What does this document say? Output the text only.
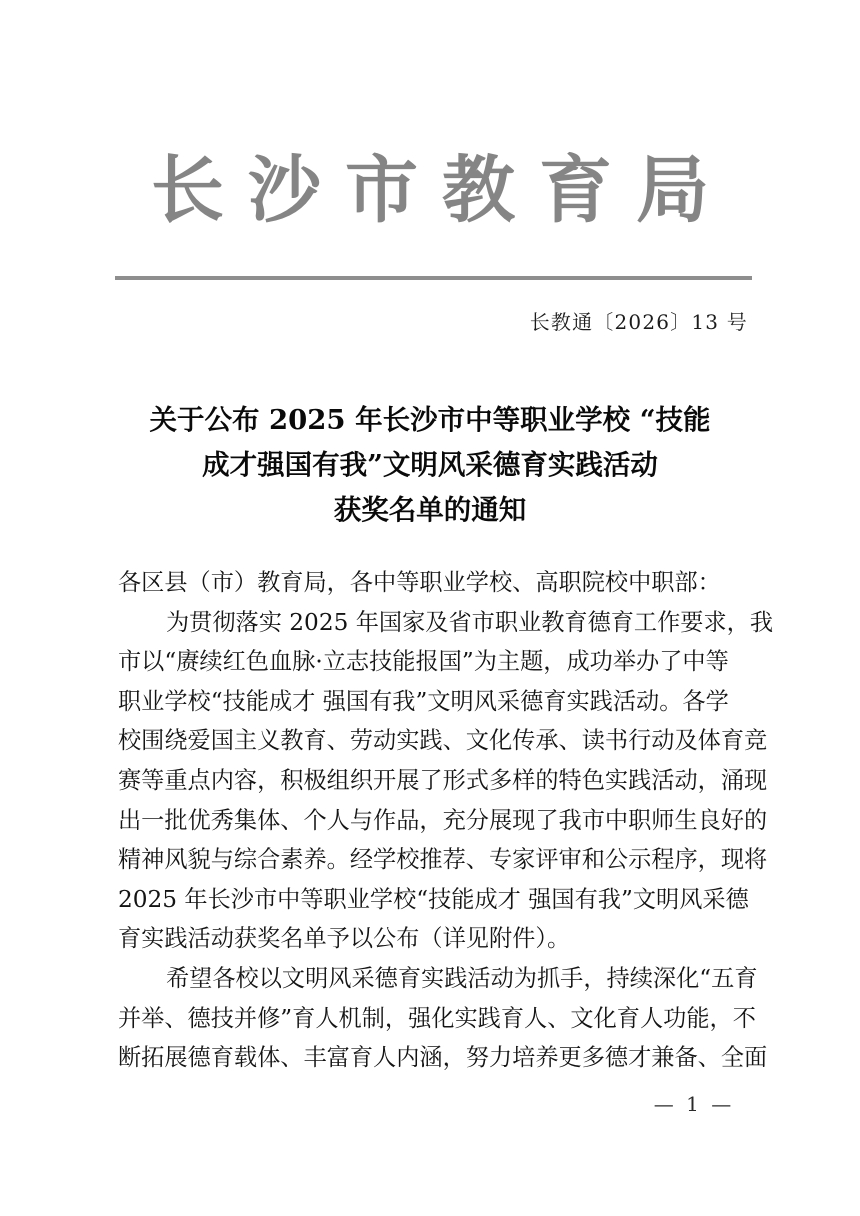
长沙市教育局
长教通〔2026〕13 号
关于公布 2025 年长沙市中等职业学校 “技能
成才强国有我”文明风采德育实践活动
获奖名单的通知
各区县（市）教育局，各中等职业学校、高职院校中职部：
为贯彻落实 2025 年国家及省市职业教育德育工作要求，我
市以“赓续红色血脉·立志技能报国”为主题，成功举办了中等
职业学校“技能成才 强国有我”文明风采德育实践活动。各学
校围绕爱国主义教育、劳动实践、文化传承、读书行动及体育竞
赛等重点内容，积极组织开展了形式多样的特色实践活动，涌现
出一批优秀集体、个人与作品，充分展现了我市中职师生良好的
精神风貌与综合素养。经学校推荐、专家评审和公示程序，现将
2025 年长沙市中等职业学校“技能成才 强国有我”文明风采德
育实践活动获奖名单予以公布（详见附件）。
希望各校以文明风采德育实践活动为抓手，持续深化“五育
并举、德技并修”育人机制，强化实践育人、文化育人功能，不
断拓展德育载体、丰富育人内涵，努力培养更多德才兼备、全面
— 1 —
